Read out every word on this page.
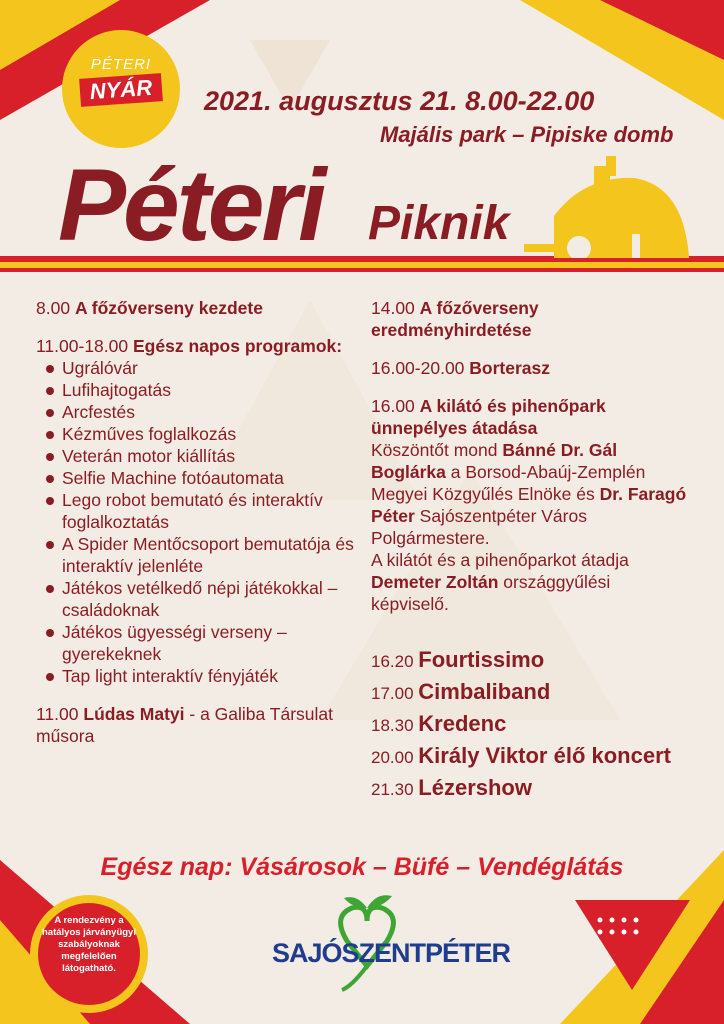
PÉTERI
NYÁR	2021. augusztus 21. 8.00-22.00
Majális park – Pipiske domb
Péteri Piknik
8.00 A főzőverseny kezdete
11.00-18.00 Egész napos programok:
Ugrálóvár
Lufihajtogatás
Arcfestés
Kézműves foglalkozás
Veterán motor kiállítás
Selfie Machine fotóautomata
Lego robot bemutató és interaktív foglalkoztatás
A Spider Mentőcsoport bemutatója és interaktív jelenléte
Játékos vetélkedő népi játékokkal – családoknak
Játékos ügyességi verseny – gyerekeknek
Tap light interaktív fényjáték
11.00 Lúdas Matyi - a Galiba Társulat műsora
14.00 A főzőverseny eredményhirdetése
16.00-20.00 Borterasz
16.00 A kilátó és pihenőpark ünnepélyes átadása
Köszöntőt mond Bánné Dr. Gál Boglárka a Borsod-Abaúj-Zemplén Megyei Közgyűlés Elnöke és Dr. Faragó Péter Sajószentpéter Város Polgármestere.
A kilátót és a pihenőparkot átadja Demeter Zoltán országgyűlési képviselő.
16.20 Fourtissimo
17.00 Cimbaliband
18.30 Kredenc
20.00 Király Viktor élő koncert
21.30 Lézershow
Egész nap: Vásárosok – Büfé – Vendéglátás
A rendezvény a hatályos járványügyi szabályoknak megfelelően látogatható.
SAJÓSZENTPÉTER
